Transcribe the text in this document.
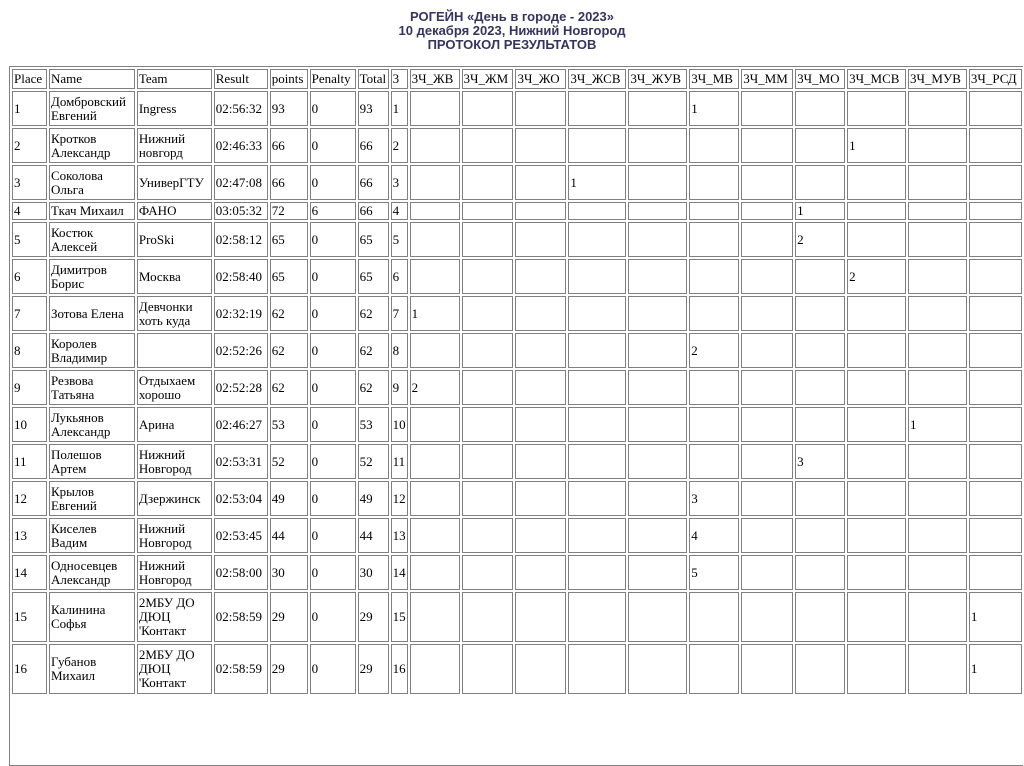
РОГЕЙН «День в городе - 2023»
10 декабря 2023, Нижний Новгород
ПРОТОКОЛ РЕЗУЛЬТАТОВ
Place	Name	Team	Result	points	Penalty	Total	3	3Ч_ЖВ	3Ч_ЖМ	3Ч_ЖО	3Ч_ЖСВ	3Ч_ЖУВ	3Ч_МВ	3Ч_ММ	3Ч_МО	3Ч_МСВ	3Ч_МУВ	3Ч_РСД
1	Домбровский Евгений	Ingress	02:56:32	93	0	93	1						1					
2	Кротков Александр	Нижний новгорд	02:46:33	66	0	66	2									1		
3	Соколова Ольга	УниверГТУ	02:47:08	66	0	66	3				1							
4	Ткач Михаил	ФАНО	03:05:32	72	6	66	4								1			
5	Костюк Алексей	ProSki	02:58:12	65	0	65	5								2			
6	Димитров Борис	Москва	02:58:40	65	0	65	6									2		
7	Зотова Елена	Девчонки хоть куда	02:32:19	62	0	62	7	1										
8	Королев Владимир		02:52:26	62	0	62	8						2					
9	Резвова Татьяна	Отдыхаем хорошо	02:52:28	62	0	62	9	2										
10	Лукьянов Александр	Арина	02:46:27	53	0	53	10										1	
11	Полешов Артем	Нижний Новгород	02:53:31	52	0	52	11								3			
12	Крылов Евгений	Дзержинск	02:53:04	49	0	49	12						3					
13	Киселев Вадим	Нижний Новгород	02:53:45	44	0	44	13						4					
14	Односевцев Александр	Нижний Новгород	02:58:00	30	0	30	14						5					
15	Калинина Софья	2МБУ ДО ДЮЦ 'Контакт	02:58:59	29	0	29	15											1
16	Губанов Михаил	2МБУ ДО ДЮЦ 'Контакт	02:58:59	29	0	29	16											1
